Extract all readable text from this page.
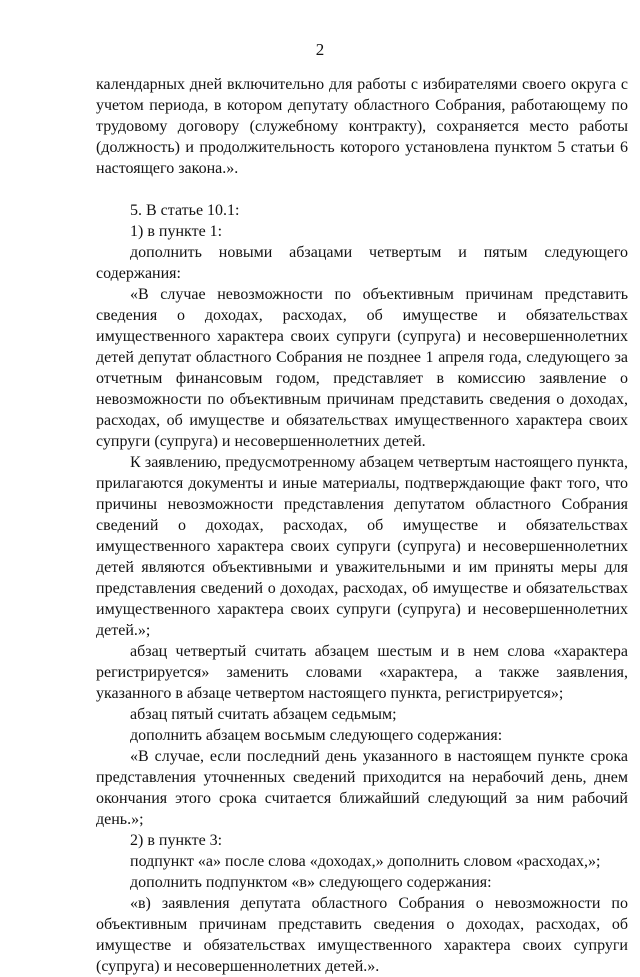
2

календарных дней включительно для работы с избирателями своего округа с учетом периода, в котором депутату областного Собрания, работающему по трудовому договору (служебному контракту), сохраняется место работы (должность) и продолжительность которого установлена пунктом 5 статьи 6 настоящего закона.».

5. В статье 10.1:

1) в пункте 1:

дополнить новыми абзацами четвертым и пятым следующего содержания:

«В случае невозможности по объективным причинам представить сведения о доходах, расходах, об имуществе и обязательствах имущественного характера своих супруги (супруга) и несовершеннолетних детей депутат областного Собрания не позднее 1 апреля года, следующего за отчетным финансовым годом, представляет в комиссию заявление о невозможности по объективным причинам представить сведения о доходах, расходах, об имуществе и обязательствах имущественного характера своих супруги (супруга) и несовершеннолетних детей.

К заявлению, предусмотренному абзацем четвертым настоящего пункта, прилагаются документы и иные материалы, подтверждающие факт того, что причины невозможности представления депутатом областного Собрания сведений о доходах, расходах, об имуществе и обязательствах имущественного характера своих супруги (супруга) и несовершеннолетних детей являются объективными и уважительными и им приняты меры для представления сведений о доходах, расходах, об имуществе и обязательствах имущественного характера своих супруги (супруга) и несовершеннолетних детей.»;

абзац четвертый считать абзацем шестым и в нем слова «характера регистрируется» заменить словами «характера, а также заявления, указанного в абзаце четвертом настоящего пункта, регистрируется»;

абзац пятый считать абзацем седьмым;

дополнить абзацем восьмым следующего содержания:

«В случае, если последний день указанного в настоящем пункте срока представления уточненных сведений приходится на нерабочий день, днем окончания этого срока считается ближайший следующий за ним рабочий день.»;

2) в пункте 3:

подпункт «а» после слова «доходах,» дополнить словом «расходах,»;

дополнить подпунктом «в» следующего содержания:

«в) заявления депутата областного Собрания о невозможности по объективным причинам представить сведения о доходах, расходах, об имуществе и обязательствах имущественного характера своих супруги (супруга) и несовершеннолетних детей.».
